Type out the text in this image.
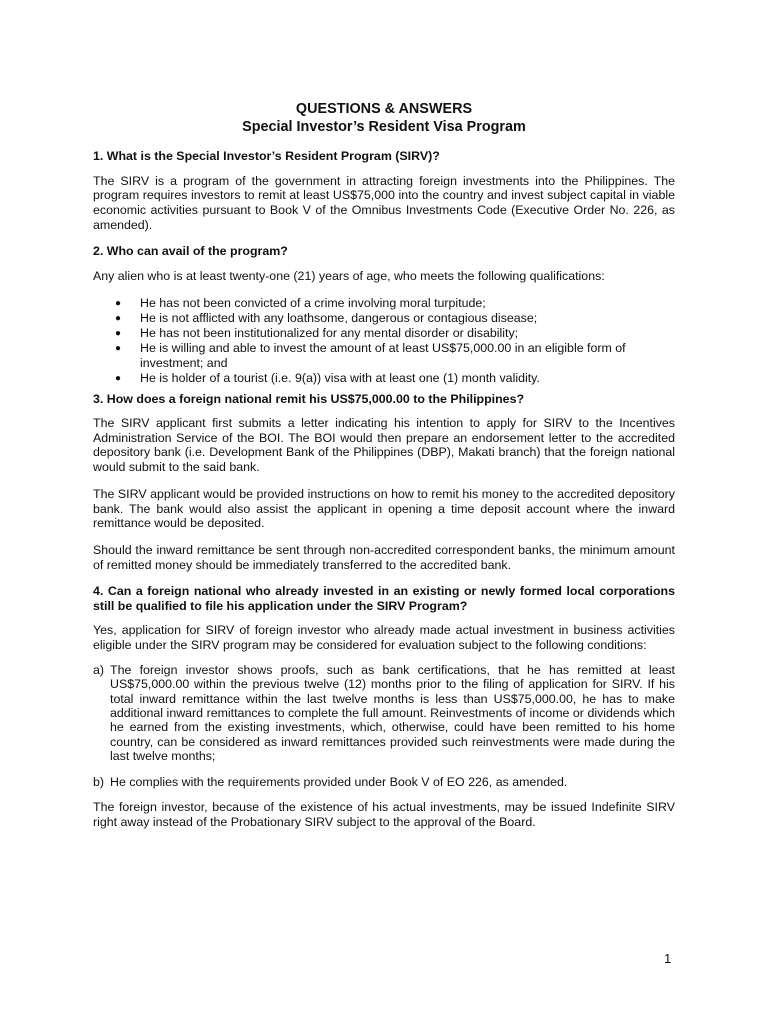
QUESTIONS & ANSWERS
Special Investor’s Resident Visa Program
1. What is the Special Investor’s Resident Program (SIRV)?
The SIRV is a program of the government in attracting foreign investments into the Philippines. The program requires investors to remit at least US$75,000 into the country and invest subject capital in viable economic activities pursuant to Book V of the Omnibus Investments Code (Executive Order No. 226, as amended).
2. Who can avail of the program?
Any alien who is at least twenty-one (21) years of age, who meets the following qualifications:
● He has not been convicted of a crime involving moral turpitude;
● He is not afflicted with any loathsome, dangerous or contagious disease;
● He has not been institutionalized for any mental disorder or disability;
● He is willing and able to invest the amount of at least US$75,000.00 in an eligible form of investment; and
● He is holder of a tourist (i.e. 9(a)) visa with at least one (1) month validity.
3. How does a foreign national remit his US$75,000.00 to the Philippines?
The SIRV applicant first submits a letter indicating his intention to apply for SIRV to the Incentives Administration Service of the BOI. The BOI would then prepare an endorsement letter to the accredited depository bank (i.e. Development Bank of the Philippines (DBP), Makati branch) that the foreign national would submit to the said bank.
The SIRV applicant would be provided instructions on how to remit his money to the accredited depository bank. The bank would also assist the applicant in opening a time deposit account where the inward remittance would be deposited.
Should the inward remittance be sent through non-accredited correspondent banks, the minimum amount of remitted money should be immediately transferred to the accredited bank.
4. Can a foreign national who already invested in an existing or newly formed local corporations still be qualified to file his application under the SIRV Program?
Yes, application for SIRV of foreign investor who already made actual investment in business activities eligible under the SIRV program may be considered for evaluation subject to the following conditions:
a) The foreign investor shows proofs, such as bank certifications, that he has remitted at least US$75,000.00 within the previous twelve (12) months prior to the filing of application for SIRV. If his total inward remittance within the last twelve months is less than US$75,000.00, he has to make additional inward remittances to complete the full amount. Reinvestments of income or dividends which he earned from the existing investments, which, otherwise, could have been remitted to his home country, can be considered as inward remittances provided such reinvestments were made during the last twelve months;
b) He complies with the requirements provided under Book V of EO 226, as amended.
The foreign investor, because of the existence of his actual investments, may be issued Indefinite SIRV right away instead of the Probationary SIRV subject to the approval of the Board.
1
